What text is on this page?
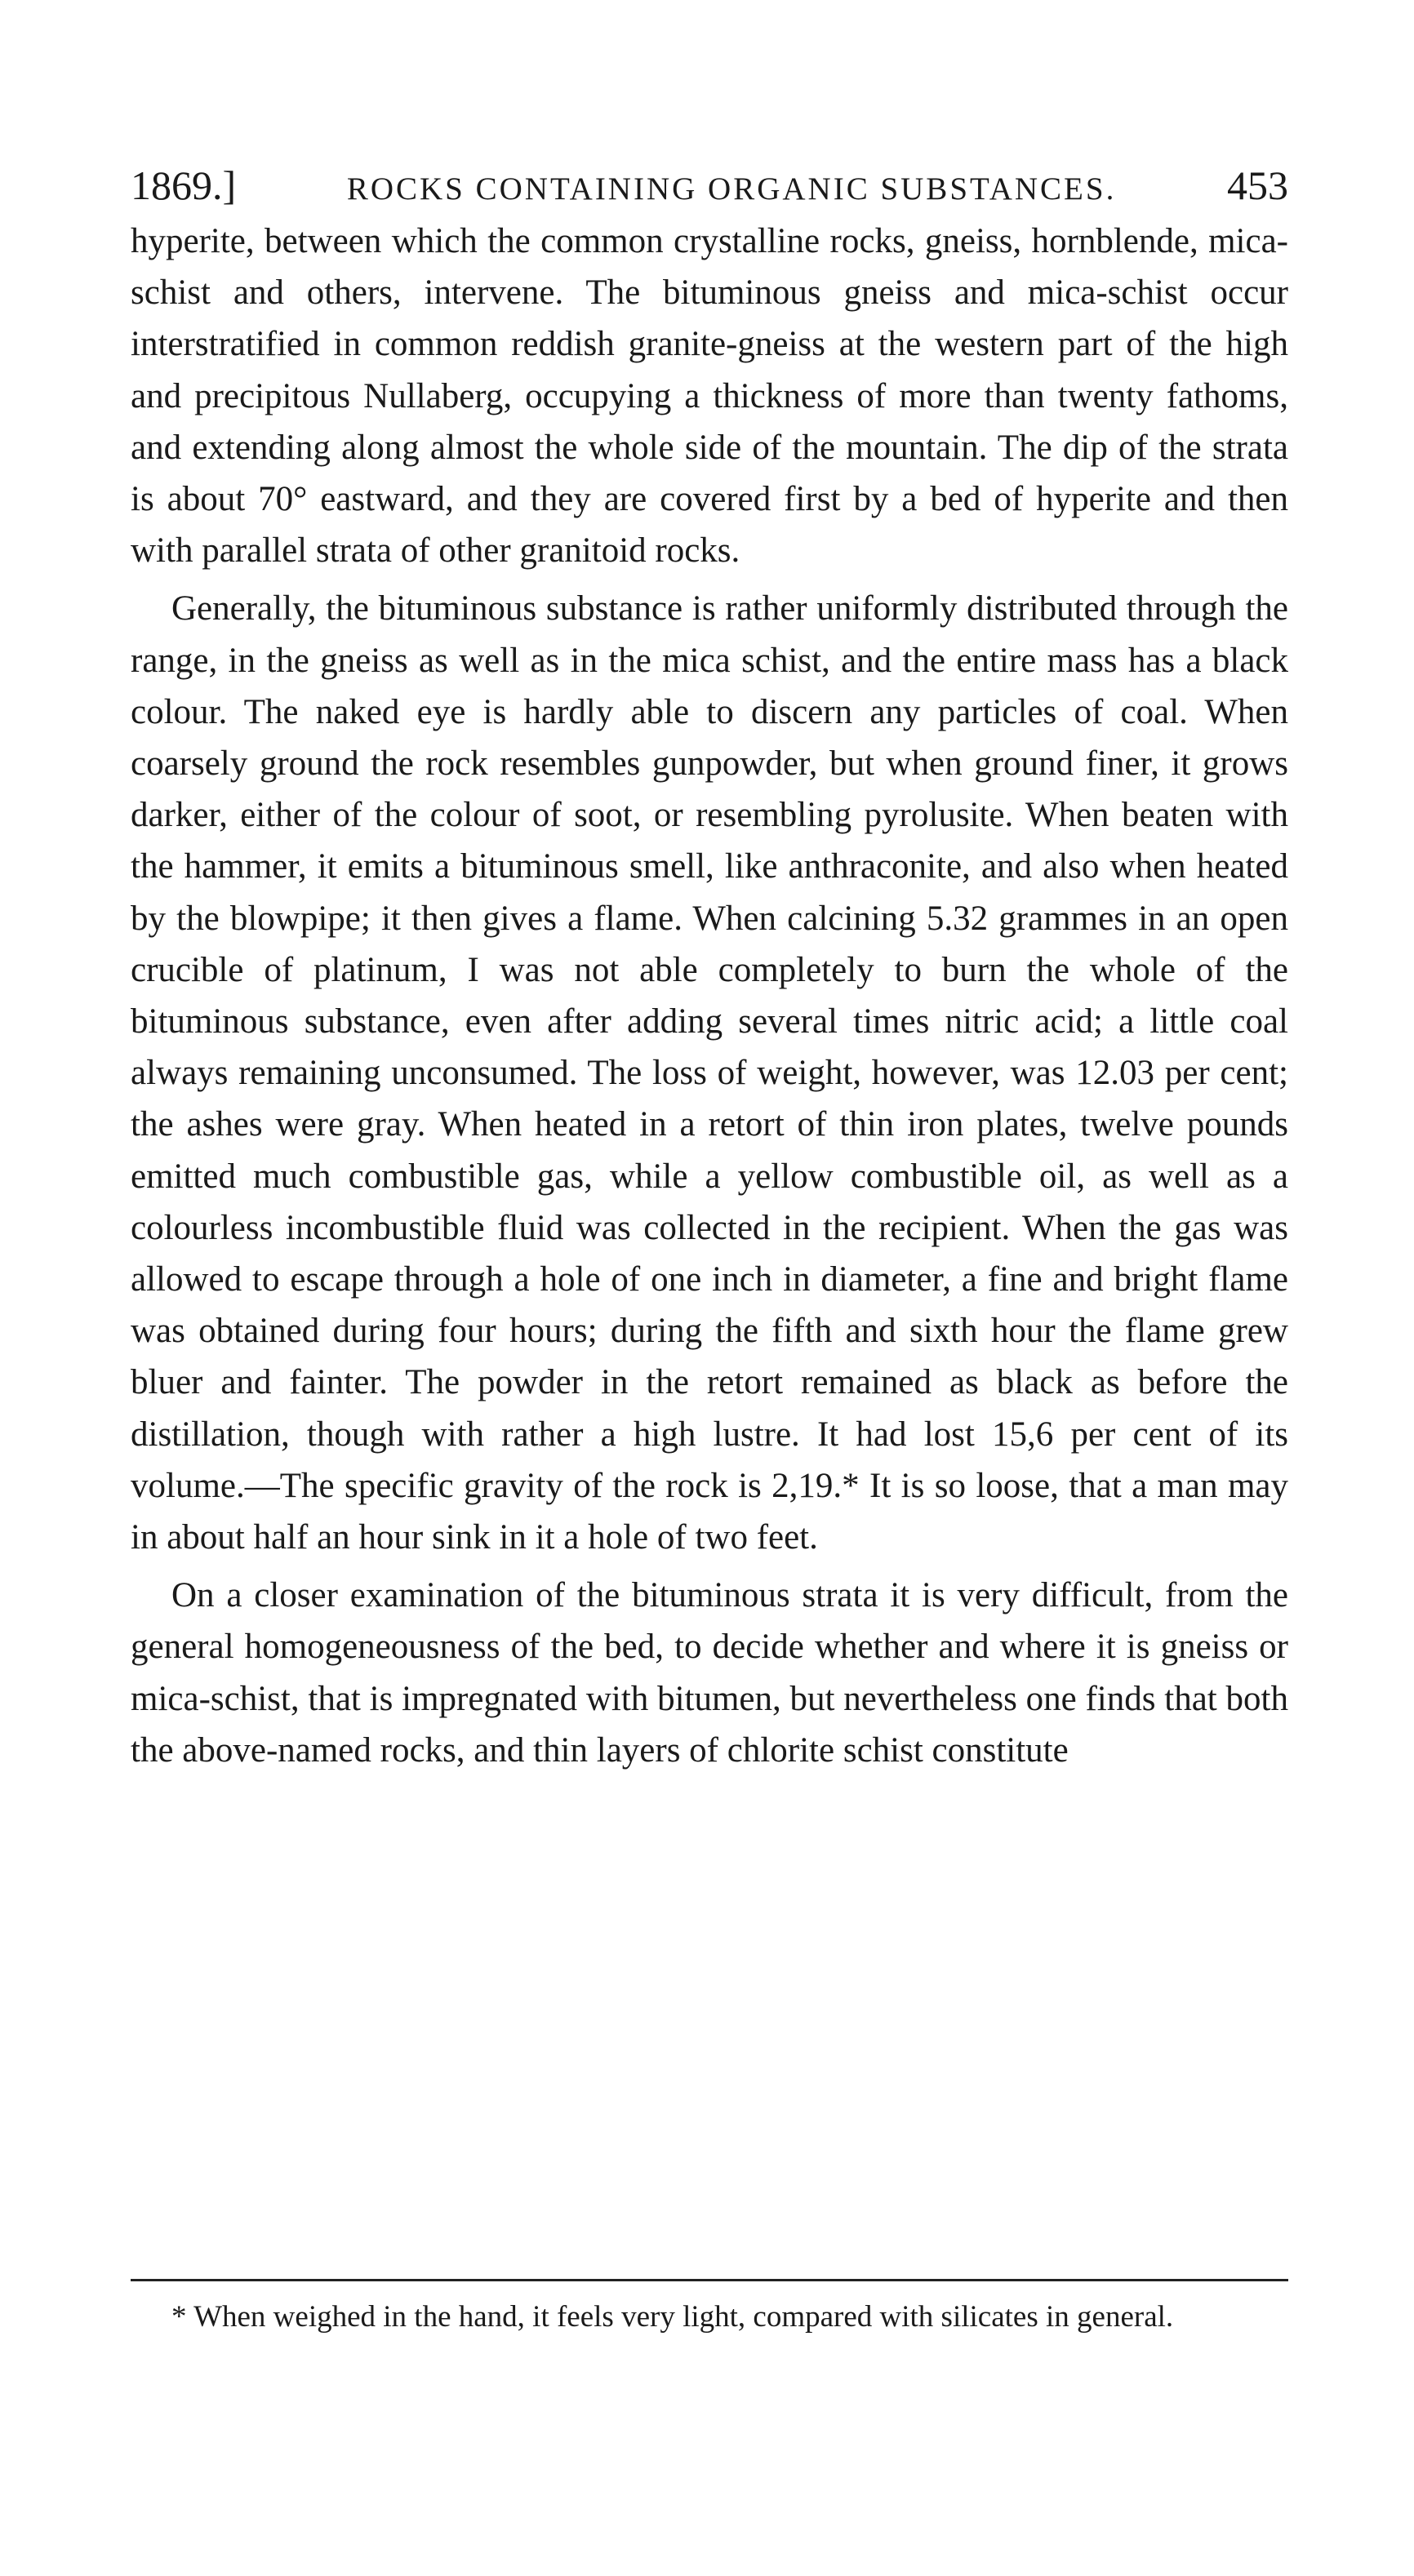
1869.]	ROCKS CONTAINING ORGANIC SUBSTANCES.	453

hyperite, between which the common crystalline rocks, gneiss, hornblende, mica-schist and others, intervene. The bituminous gneiss and mica-schist occur interstratified in common reddish granite-gneiss at the western part of the high and precipitous Nullaberg, occupying a thickness of more than twenty fathoms, and extending along almost the whole side of the mountain. The dip of the strata is about 70° eastward, and they are covered first by a bed of hyperite and then with parallel strata of other granitoid rocks.

Generally, the bituminous substance is rather uniformly distributed through the range, in the gneiss as well as in the mica schist, and the entire mass has a black colour. The naked eye is hardly able to discern any particles of coal. When coarsely ground the rock resembles gunpowder, but when ground finer, it grows darker, either of the colour of soot, or resembling pyrolusite. When beaten with the hammer, it emits a bituminous smell, like anthraconite, and also when heated by the blowpipe; it then gives a flame. When calcining 5.32 grammes in an open crucible of platinum, I was not able completely to burn the whole of the bituminous substance, even after adding several times nitric acid; a little coal always remaining unconsumed. The loss of weight, however, was 12.03 per cent; the ashes were gray. When heated in a retort of thin iron plates, twelve pounds emitted much combustible gas, while a yellow combustible oil, as well as a colourless incombustible fluid was collected in the recipient. When the gas was allowed to escape through a hole of one inch in diameter, a fine and bright flame was obtained during four hours; during the fifth and sixth hour the flame grew bluer and fainter. The powder in the retort remained as black as before the distillation, though with rather a high lustre. It had lost 15,6 per cent of its volume.—The specific gravity of the rock is 2,19.* It is so loose, that a man may in about half an hour sink in it a hole of two feet.

On a closer examination of the bituminous strata it is very difficult, from the general homogeneousness of the bed, to decide whether and where it is gneiss or mica-schist, that is impregnated with bitumen, but nevertheless one finds that both the above-named rocks, and thin layers of chlorite schist constitute

* When weighed in the hand, it feels very light, compared with silicates in general.
